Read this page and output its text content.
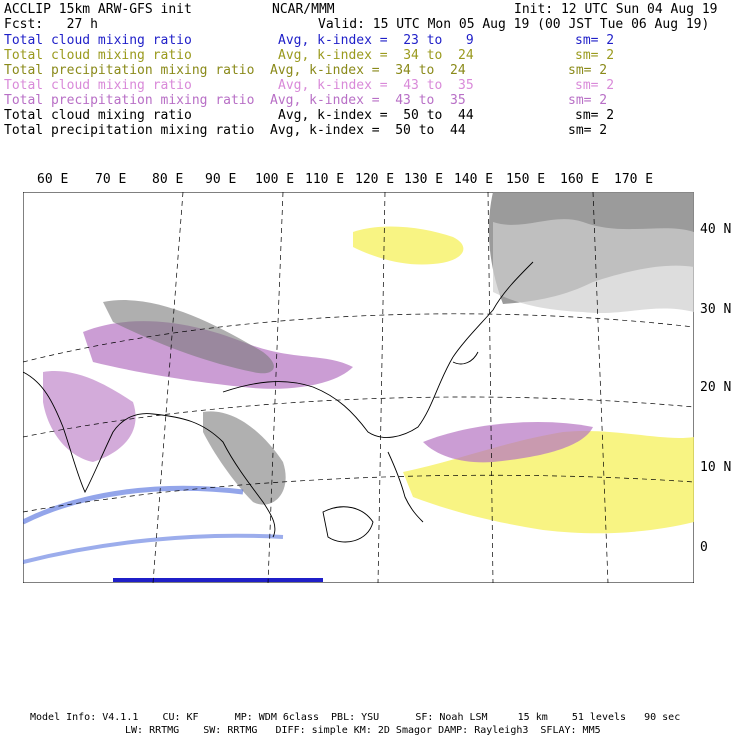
ACCLIP 15km ARW-GFS init	NCAR/MMM	Init: 12 UTC Sun 04 Aug 19
Fcst:   27 h	Valid: 15 UTC Mon 05 Aug 19 (00 JST Tue 06 Aug 19)
Total cloud mixing ratio	Avg, k-index =  23 to   9	sm= 2
Total cloud mixing ratio	Avg, k-index =  34 to  24	sm= 2
Total precipitation mixing ratio Avg, k-index =  34 to  24	sm= 2
Total cloud mixing ratio	Avg, k-index =  43 to  35	sm= 2
Total precipitation mixing ratio Avg, k-index =  43 to  35	sm= 2
Total cloud mixing ratio	Avg, k-index =  50 to  44	sm= 2
Total precipitation mixing ratio Avg, k-index =  50 to  44	sm= 2
60 E 70 E 80 E 90 E 100 E 110 E 120 E 130 E 140 E 150 E 160 E 170 E
40 N
30 N
20 N
10 N
0
Model Info: V4.1.1    CU: KF      MP: WDM 6class  PBL: YSU      SF: Noah LSM     15 km    51 levels   90 sec
LW: RRTMG    SW: RRTMG   DIFF: simple KM: 2D Smagor DAMP: Rayleigh3  SFLAY: MM5
